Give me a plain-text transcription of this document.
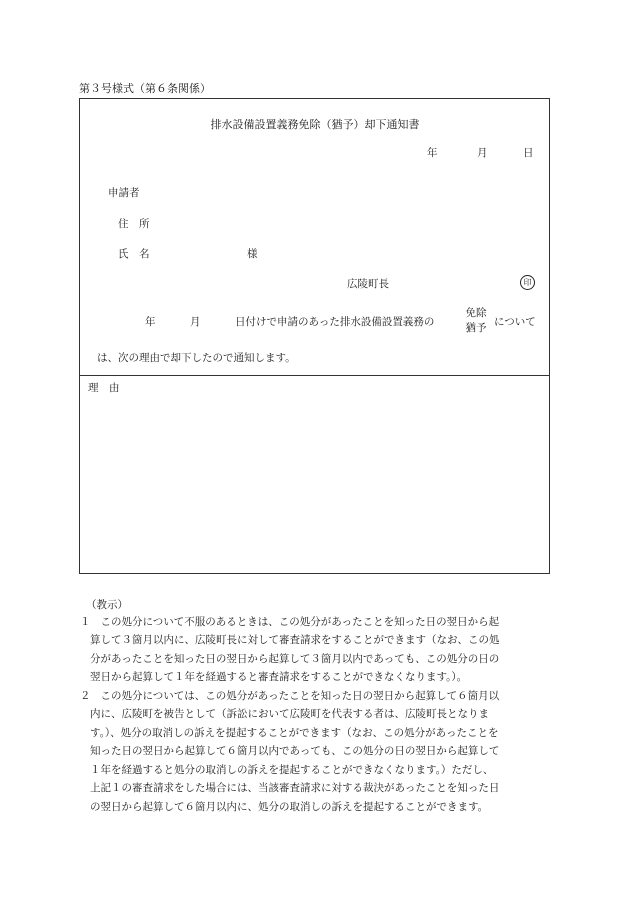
第３号様式（第６条関係）
排水設備設置義務免除（猶予）却下通知書
年	月	日
申請者
住　所
氏　名	様
広陵町長	印
年	月	日付けで申請のあった排水設備設置義務の
免除
猶予 について
は、次の理由で却下したので通知します。
理　由
（教示）
１ 　この処分について不服のあるときは、この処分があったことを知った日の翌日から起
算して３箇月以内に、広陵町長に対して審査請求をすることができます（なお、この処
分があったことを知った日の翌日から起算して３箇月以内であっても、この処分の日の
翌日から起算して１年を経過すると審査請求をすることができなくなります。）。
２ 　この処分については、この処分があったことを知った日の翌日から起算して６箇月以
内に、広陵町を被告として（訴訟において広陵町を代表する者は、広陵町長となりま
す。）、処分の取消しの訴えを提起することができます（なお、この処分があったことを
知った日の翌日から起算して６箇月以内であっても、この処分の日の翌日から起算して
１年を経過すると処分の取消しの訴えを提起することができなくなります。）ただし、
上記１の審査請求をした場合には、当該審査請求に対する裁決があったことを知った日
の翌日から起算して６箇月以内に、処分の取消しの訴えを提起することができます。
